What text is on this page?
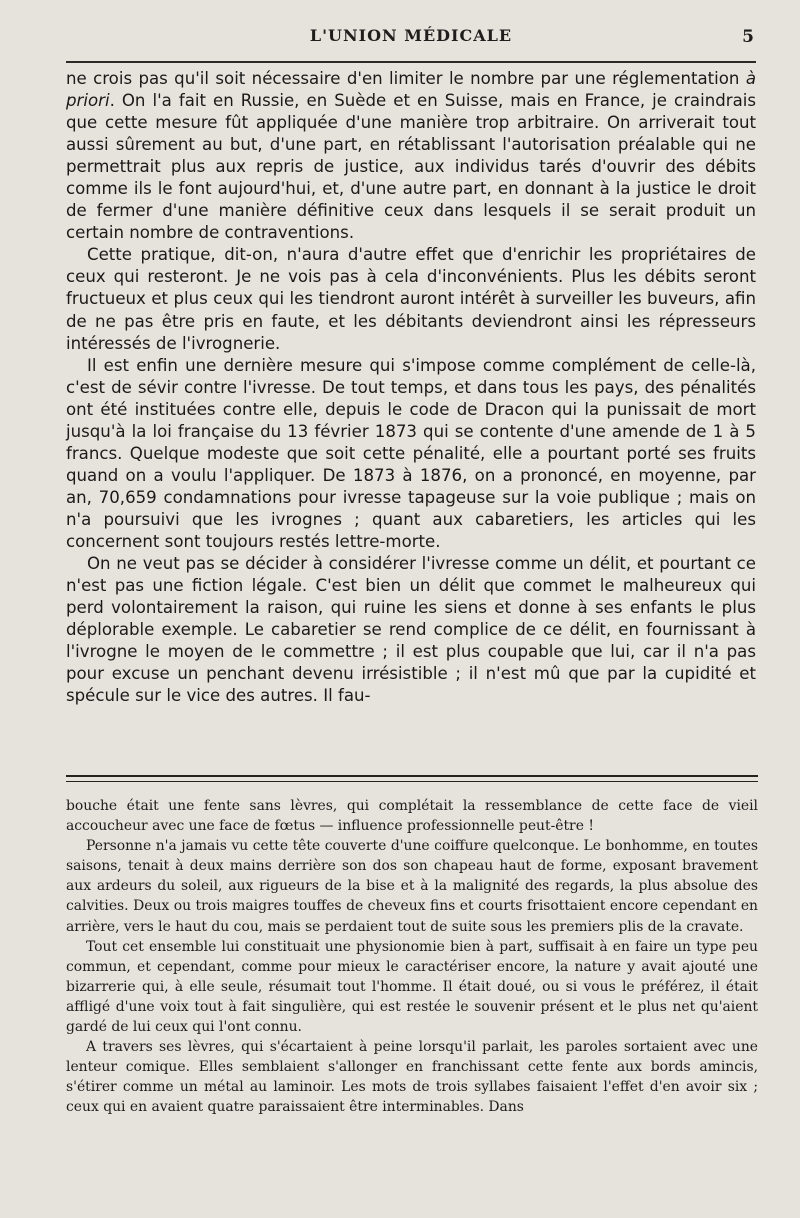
L'UNION MÉDICALE	5

ne crois pas qu'il soit nécessaire d'en limiter le nombre par une réglementation à priori. On l'a fait en Russie, en Suède et en Suisse, mais en France, je craindrais que cette mesure fût appliquée d'une manière trop arbitraire. On arriverait tout aussi sûrement au but, d'une part, en rétablissant l'autorisation préalable qui ne permettrait plus aux repris de justice, aux individus tarés d'ouvrir des débits comme ils le font aujourd'hui, et, d'une autre part, en donnant à la justice le droit de fermer d'une manière définitive ceux dans lesquels il se serait produit un certain nombre de contraventions.

Cette pratique, dit-on, n'aura d'autre effet que d'enrichir les propriétaires de ceux qui resteront. Je ne vois pas à cela d'inconvénients. Plus les débits seront fructueux et plus ceux qui les tiendront auront intérêt à surveiller les buveurs, afin de ne pas être pris en faute, et les débitants deviendront ainsi les répresseurs intéressés de l'ivrognerie.

Il est enfin une dernière mesure qui s'impose comme complément de celle-là, c'est de sévir contre l'ivresse. De tout temps, et dans tous les pays, des pénalités ont été instituées contre elle, depuis le code de Dracon qui la punissait de mort jusqu'à la loi française du 13 février 1873 qui se contente d'une amende de 1 à 5 francs. Quelque modeste que soit cette pénalité, elle a pourtant porté ses fruits quand on a voulu l'appliquer. De 1873 à 1876, on a prononcé, en moyenne, par an, 70,659 condamnations pour ivresse tapageuse sur la voie publique ; mais on n'a poursuivi que les ivrognes ; quant aux cabaretiers, les articles qui les concernent sont toujours restés lettre-morte.

On ne veut pas se décider à considérer l'ivresse comme un délit, et pourtant ce n'est pas une fiction légale. C'est bien un délit que commet le malheureux qui perd volontairement la raison, qui ruine les siens et donne à ses enfants le plus déplorable exemple. Le cabaretier se rend complice de ce délit, en fournissant à l'ivrogne le moyen de le commettre ; il est plus coupable que lui, car il n'a pas pour excuse un penchant devenu irrésistible ; il n'est mû que par la cupidité et spécule sur le vice des autres. Il fau-

bouche était une fente sans lèvres, qui complétait la ressemblance de cette face de vieil accoucheur avec une face de fœtus — influence professionnelle peut-être !

Personne n'a jamais vu cette tête couverte d'une coiffure quelconque. Le bonhomme, en toutes saisons, tenait à deux mains derrière son dos son chapeau haut de forme, exposant bravement aux ardeurs du soleil, aux rigueurs de la bise et à la malignité des regards, la plus absolue des calvities. Deux ou trois maigres touffes de cheveux fins et courts frisottaient encore cependant en arrière, vers le haut du cou, mais se perdaient tout de suite sous les premiers plis de la cravate.

Tout cet ensemble lui constituait une physionomie bien à part, suffisait à en faire un type peu commun, et cependant, comme pour mieux le caractériser encore, la nature y avait ajouté une bizarrerie qui, à elle seule, résumait tout l'homme. Il était doué, ou si vous le préférez, il était affligé d'une voix tout à fait singulière, qui est restée le souvenir présent et le plus net qu'aient gardé de lui ceux qui l'ont connu.

A travers ses lèvres, qui s'écartaient à peine lorsqu'il parlait, les paroles sortaient avec une lenteur comique. Elles semblaient s'allonger en franchissant cette fente aux bords amincis, s'étirer comme un métal au laminoir. Les mots de trois syllabes faisaient l'effet d'en avoir six ; ceux qui en avaient quatre paraissaient être interminables. Dans
